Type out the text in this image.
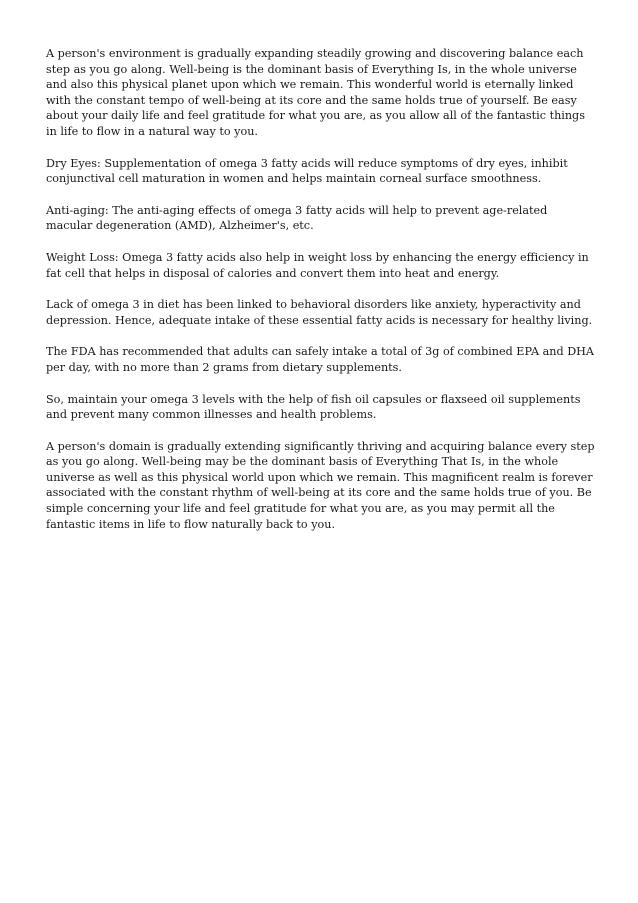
A person's environment is gradually expanding steadily growing and discovering balance each step as you go along. Well-being is the dominant basis of Everything Is, in the whole universe and also this physical planet upon which we remain. This wonderful world is eternally linked with the constant tempo of well-being at its core and the same holds true of yourself. Be easy about your daily life and feel gratitude for what you are, as you allow all of the fantastic things in life to flow in a natural way to you.

Dry Eyes: Supplementation of omega 3 fatty acids will reduce symptoms of dry eyes, inhibit conjunctival cell maturation in women and helps maintain corneal surface smoothness.

Anti-aging: The anti-aging effects of omega 3 fatty acids will help to prevent age-related macular degeneration (AMD), Alzheimer's, etc.

Weight Loss: Omega 3 fatty acids also help in weight loss by enhancing the energy efficiency in fat cell that helps in disposal of calories and convert them into heat and energy.

Lack of omega 3 in diet has been linked to behavioral disorders like anxiety, hyperactivity and depression. Hence, adequate intake of these essential fatty acids is necessary for healthy living.

The FDA has recommended that adults can safely intake a total of 3g of combined EPA and DHA per day, with no more than 2 grams from dietary supplements.

So, maintain your omega 3 levels with the help of fish oil capsules or flaxseed oil supplements and prevent many common illnesses and health problems.

A person's domain is gradually extending significantly thriving and acquiring balance every step as you go along. Well-being may be the dominant basis of Everything That Is, in the whole universe as well as this physical world upon which we remain. This magnificent realm is forever associated with the constant rhythm of well-being at its core and the same holds true of you. Be simple concerning your life and feel gratitude for what you are, as you may permit all the fantastic items in life to flow naturally back to you.
